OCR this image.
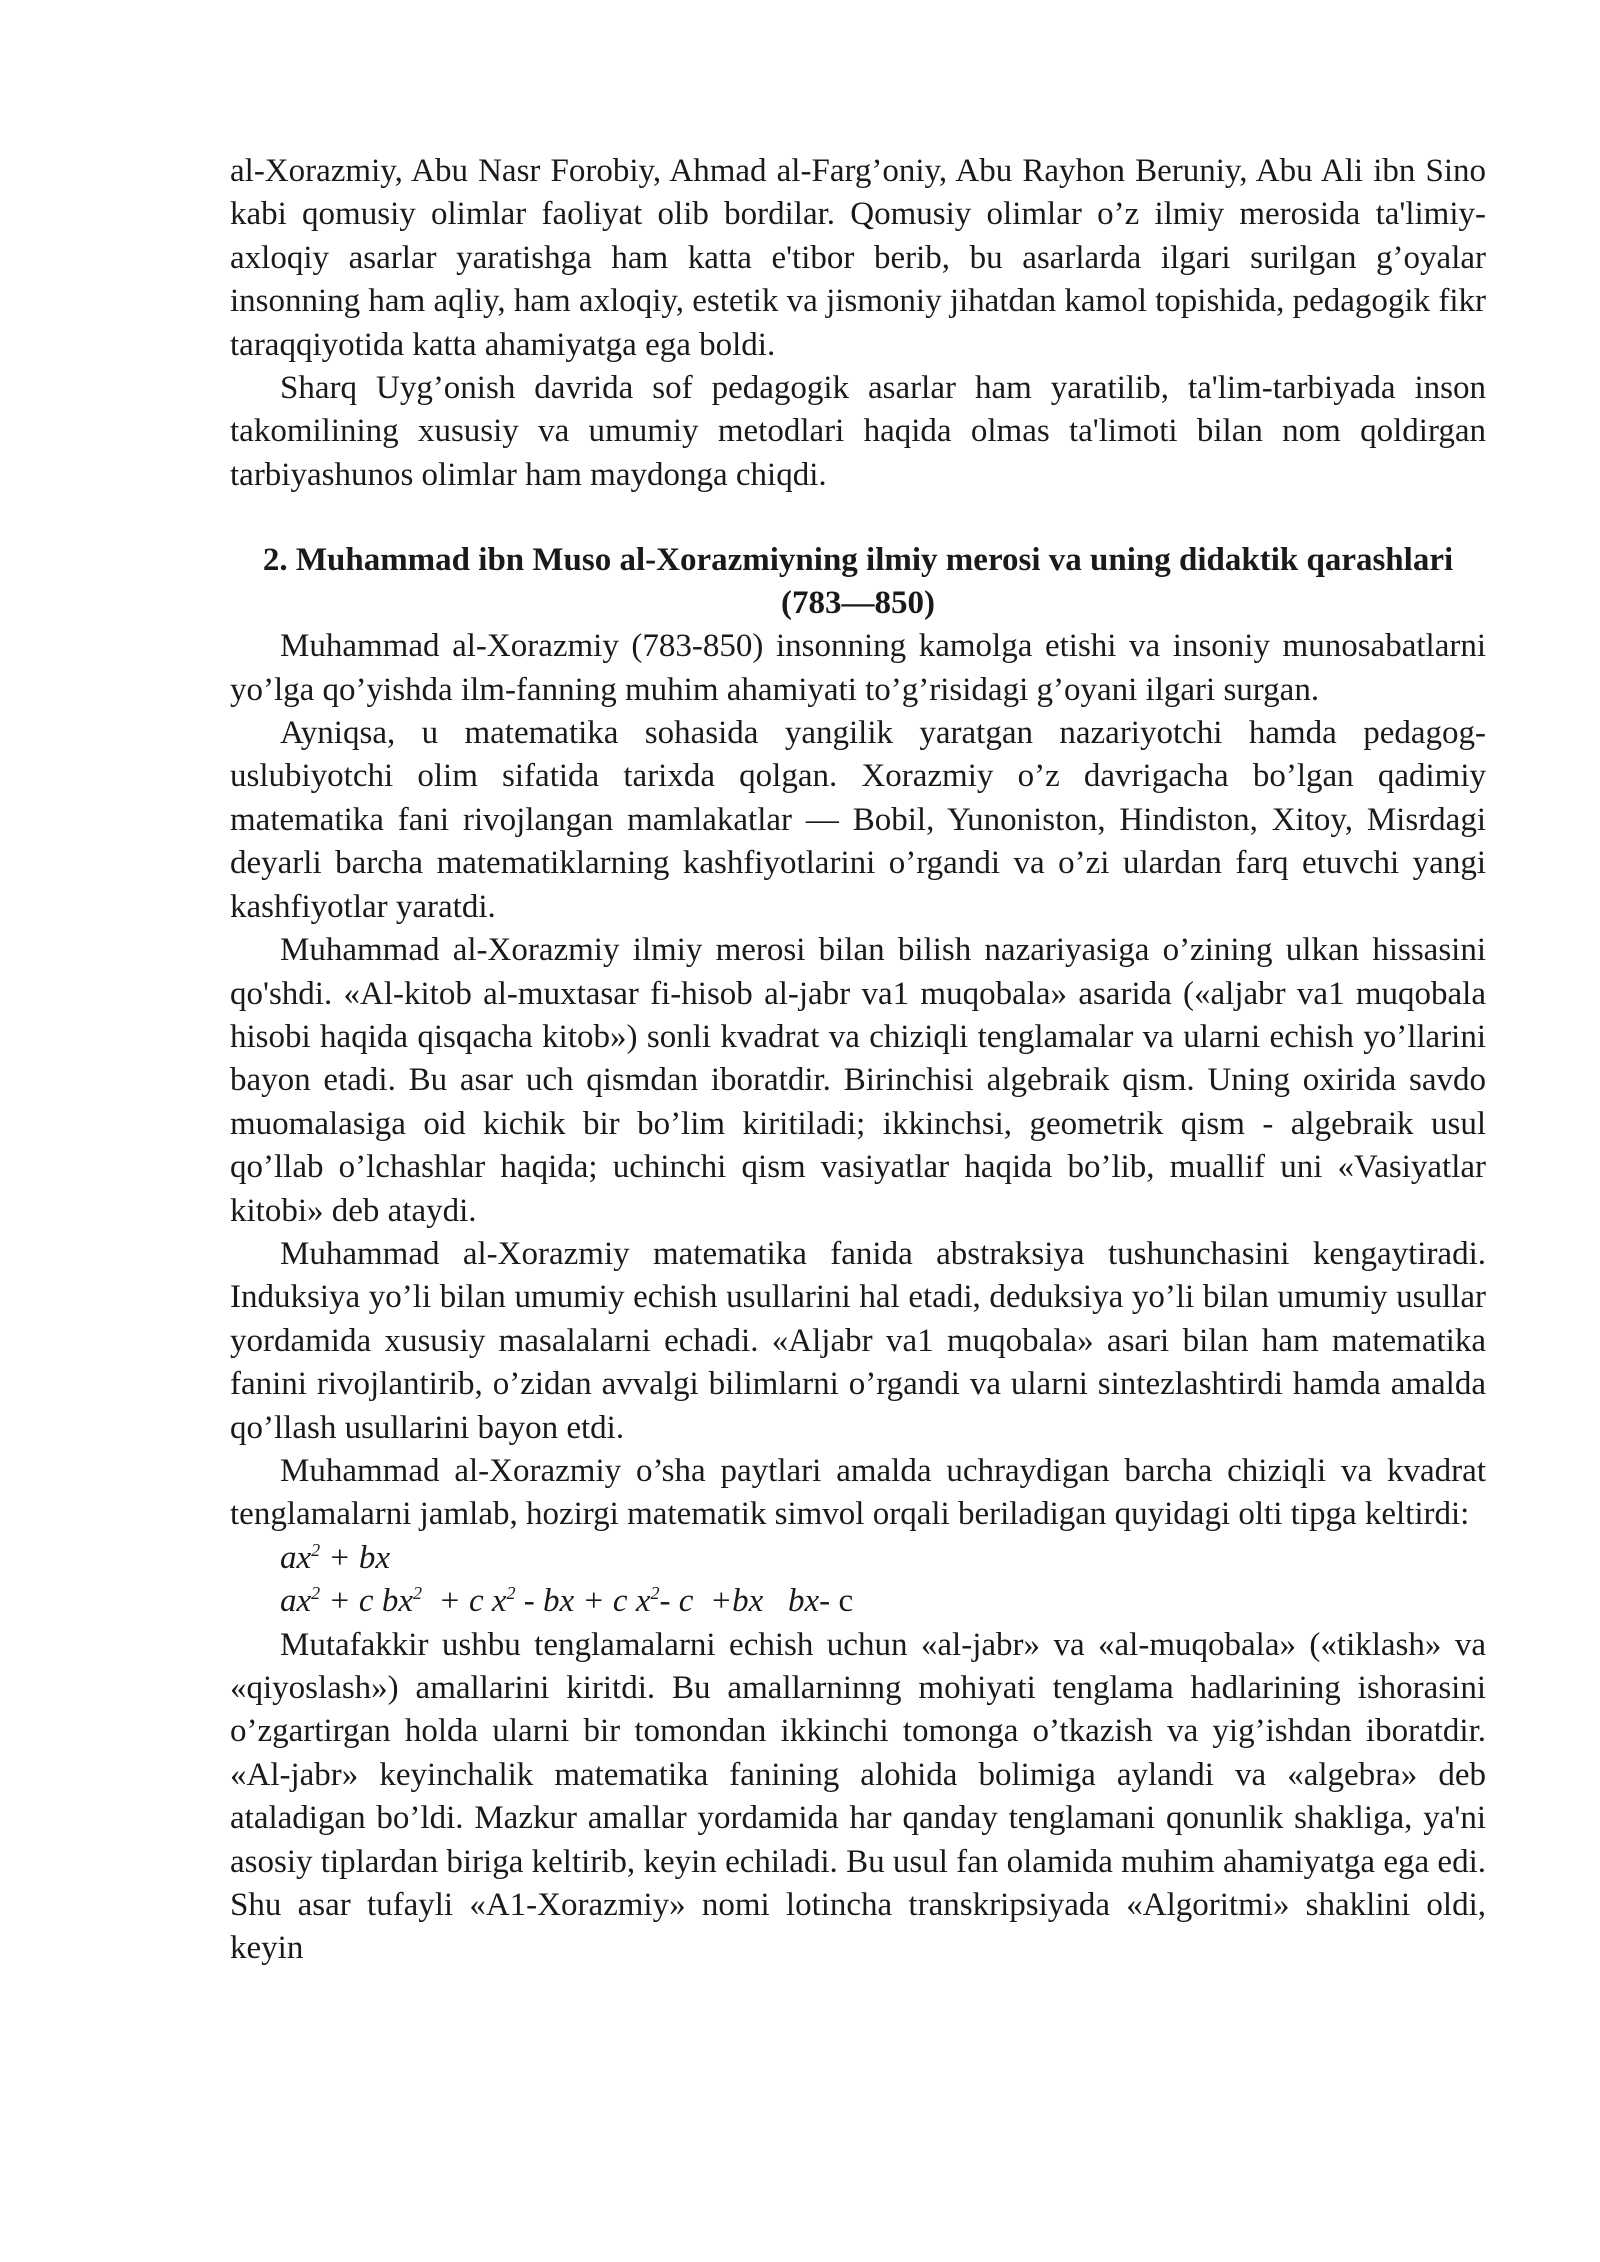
al-Xorazmiy, Abu Nasr Forobiy, Ahmad al-Farg’oniy, Abu Rayhon Beruniy, Abu Ali ibn Sino kabi qomusiy olimlar faoliyat olib bordilar. Qomusiy olimlar o’z ilmiy merosida ta'limiy-axloqiy asarlar yaratishga ham katta e'tibor berib, bu asarlarda ilgari surilgan g’oyalar insonning ham aqliy, ham axloqiy, estetik va jismoniy jihatdan kamol topishida, pedagogik fikr taraqqiyotida katta ahamiyatga ega boldi.

Sharq Uyg’onish davrida sof pedagogik asarlar ham yaratilib, ta'lim-tarbiyada inson takomilining xususiy va umumiy metodlari haqida olmas ta'limoti bilan nom qoldirgan tarbiyashunos olimlar ham maydonga chiqdi.

2. Muhammad ibn Muso al-Xorazmiyning ilmiy merosi va uning didaktik qarashlari (783—850)

Muhammad al-Xorazmiy (783-850) insonning kamolga etishi va insoniy munosabatlarni yo’lga qo’yishda ilm-fanning muhim ahamiyati to’g’risidagi g’oyani ilgari surgan.

Ayniqsa, u matematika sohasida yangilik yaratgan nazariyotchi hamda pedagog-uslubiyotchi olim sifatida tarixda qolgan. Xorazmiy o’z davrigacha bo’lgan qadimiy matematika fani rivojlangan mamlakatlar — Bobil, Yunoniston, Hindiston, Xitoy, Misrdagi deyarli barcha matematiklarning kashfiyotlarini o’rgandi va o’zi ulardan farq etuvchi yangi kashfiyotlar yaratdi.

Muhammad al-Xorazmiy ilmiy merosi bilan bilish nazariyasiga o’zining ulkan hissasini qo'shdi. «Al-kitob al-muxtasar fi-hisob al-jabr va1 muqobala» asarida («aljabr va1 muqobala hisobi haqida qisqacha kitob») sonli kvadrat va chiziqli tenglamalar va ularni echish yo’llarini bayon etadi. Bu asar uch qismdan iboratdir. Birinchisi algebraik qism. Uning oxirida savdo muomalasiga oid kichik bir bo’lim kiritiladi; ikkinchsi, geometrik qism - algebraik usul qo’llab o’lchashlar haqida; uchinchi qism vasiyatlar haqida bo’lib, muallif uni «Vasiyatlar kitobi» deb ataydi.

Muhammad al-Xorazmiy matematika fanida abstraksiya tushunchasini kengaytiradi. Induksiya yo’li bilan umumiy echish usullarini hal etadi, deduksiya yo’li bilan umumiy usullar yordamida xususiy masalalarni echadi. «Aljabr va1 muqobala» asari bilan ham matematika fanini rivojlantirib, o’zidan avvalgi bilimlarni o’rgandi va ularni sintezlashtirdi hamda amalda qo’llash usullarini bayon etdi.

Muhammad al-Xorazmiy o’sha paytlari amalda uchraydigan barcha chiziqli va kvadrat tenglamalarni jamlab, hozirgi matematik simvol orqali beriladigan quyidagi olti tipga keltirdi:

$ax^2$ + bx

$ax^2 + c$ $bx^2 + c$ $x^2$ - bx + c $x^2-$ c  +bx   bx- c

Mutafakkir ushbu tenglamalarni echish uchun «al-jabr» va «al-muqobala» («tiklash» va «qiyoslash») amallarini kiritdi. Bu amallarninng mohiyati tenglama hadlarining ishorasini o’zgartirgan holda ularni bir tomondan ikkinchi tomonga o’tkazish va yig’ishdan iboratdir. «Al-jabr» keyinchalik matematika fanining alohida bolimiga aylandi va «algebra» deb ataladigan bo’ldi. Mazkur amallar yordamida har qanday tenglamani qonunlik shakliga, ya'ni asosiy tiplardan biriga keltirib, keyin echiladi. Bu usul fan olamida muhim ahamiyatga ega edi. Shu asar tufayli «A1-Xorazmiy» nomi lotincha transkripsiyada «Algoritmi» shaklini oldi, keyin
